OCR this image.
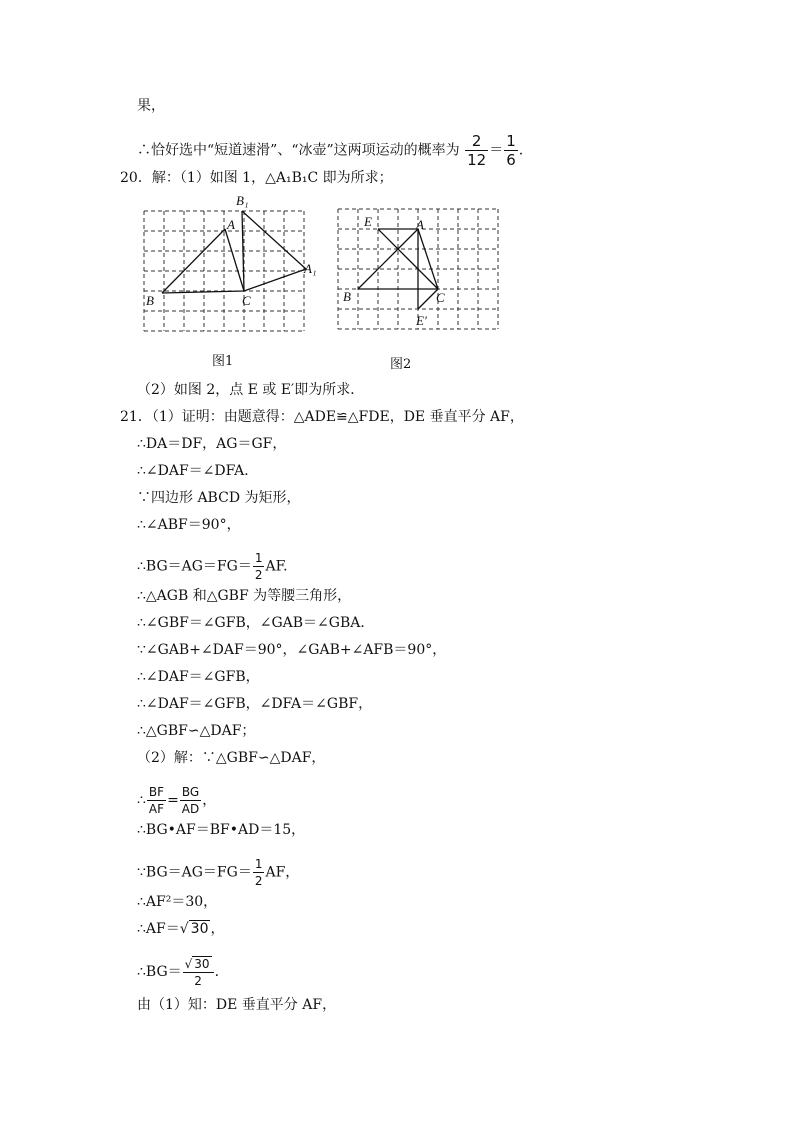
果，
∴恰好选中“短道速滑”、“冰壶”这两项运动的概率为 $\frac{2}{12} = \frac{1}{6}$ .
20．解：（1）如图 1，△A₁B₁C 即为所求；
B₁
A
A₁
B	C
E	A
B	C
E′
图1	图2
（2）如图 2，点 E 或 E′即为所求．
21．（1）证明：由题意得：△ADE≌△FDE，DE 垂直平分 AF，
∴DA＝DF，AG＝GF，
∴∠DAF＝∠DFA．
∵四边形 ABCD 为矩形，
∴∠ABF＝90°，
∴BG＝AG＝FG＝ $\frac{1}{2}$ AF.
∴△AGB 和△GBF 为等腰三角形，
∴∠GBF＝∠GFB，∠GAB＝∠GBA．
∵∠GAB+∠DAF＝90°，∠GAB+∠AFB＝90°，
∴∠DAF＝∠GFB，
∴∠DAF＝∠GFB，∠DFA＝∠GBF，
∴△GBF∽△DAF；
（2）解：∵△GBF∽△DAF，
∴ $\frac{BF}{AF} = \frac{BG}{AD}$ ，
∴BG•AF＝BF•AD＝15，
∵BG＝AG＝FG＝ $\frac{1}{2}$ AF，
∴AF²＝30，
∴AF＝√ 30 ，
∴BG＝ $\frac{√ 30}{2}$ .
由（1）知：DE 垂直平分 AF，
